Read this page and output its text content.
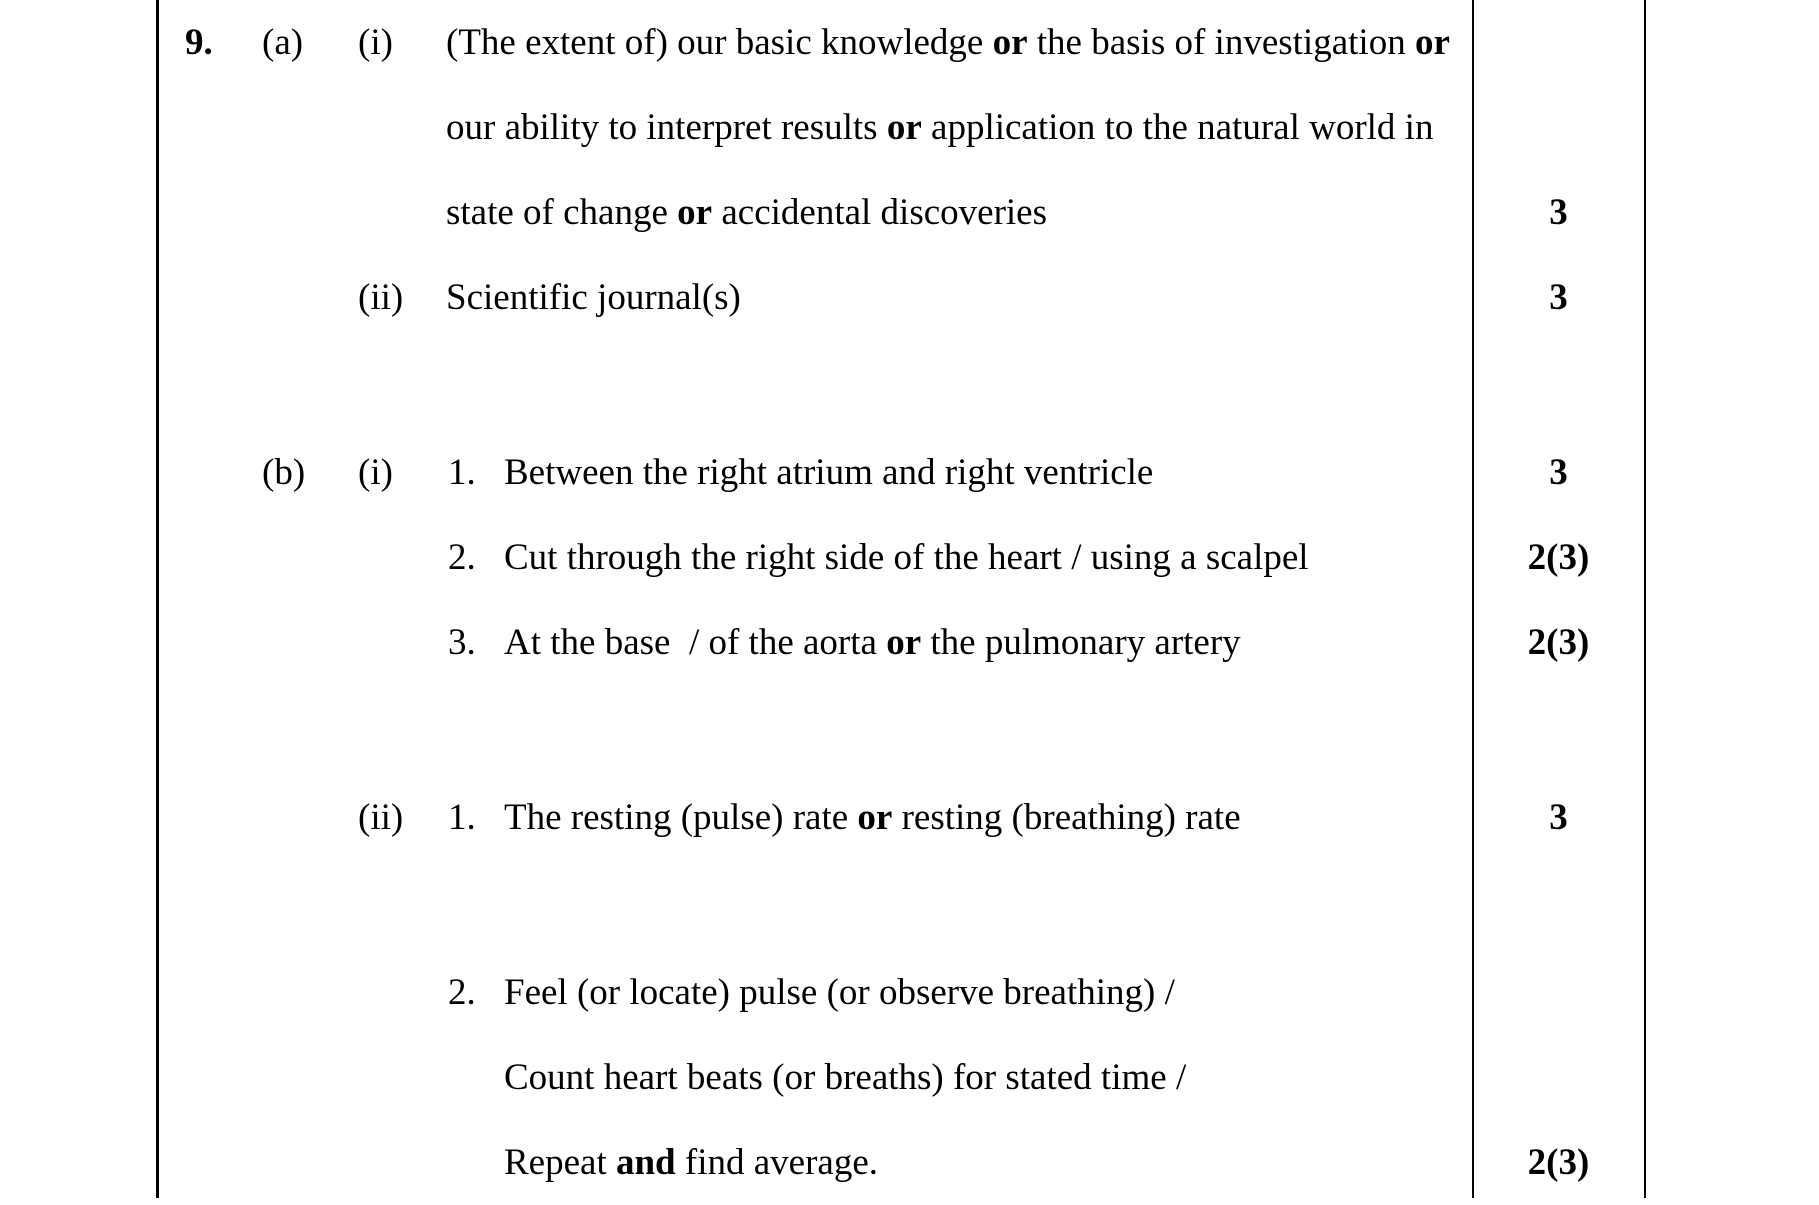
9. (a) (i) (The extent of) our basic knowledge or the basis of investigation or
our ability to interpret results or application to the natural world in
state of change or accidental discoveries	3
(ii) Scientific journal(s)	3
(b) (i) 1. Between the right atrium and right ventricle	3
2. Cut through the right side of the heart / using a scalpel	2(3)
3. At the base  / of the aorta or the pulmonary artery	2(3)
(ii) 1. The resting (pulse) rate or resting (breathing) rate	3
2. Feel (or locate) pulse (or observe breathing) /
Count heart beats (or breaths) for stated time /
Repeat and find average.	2(3)
